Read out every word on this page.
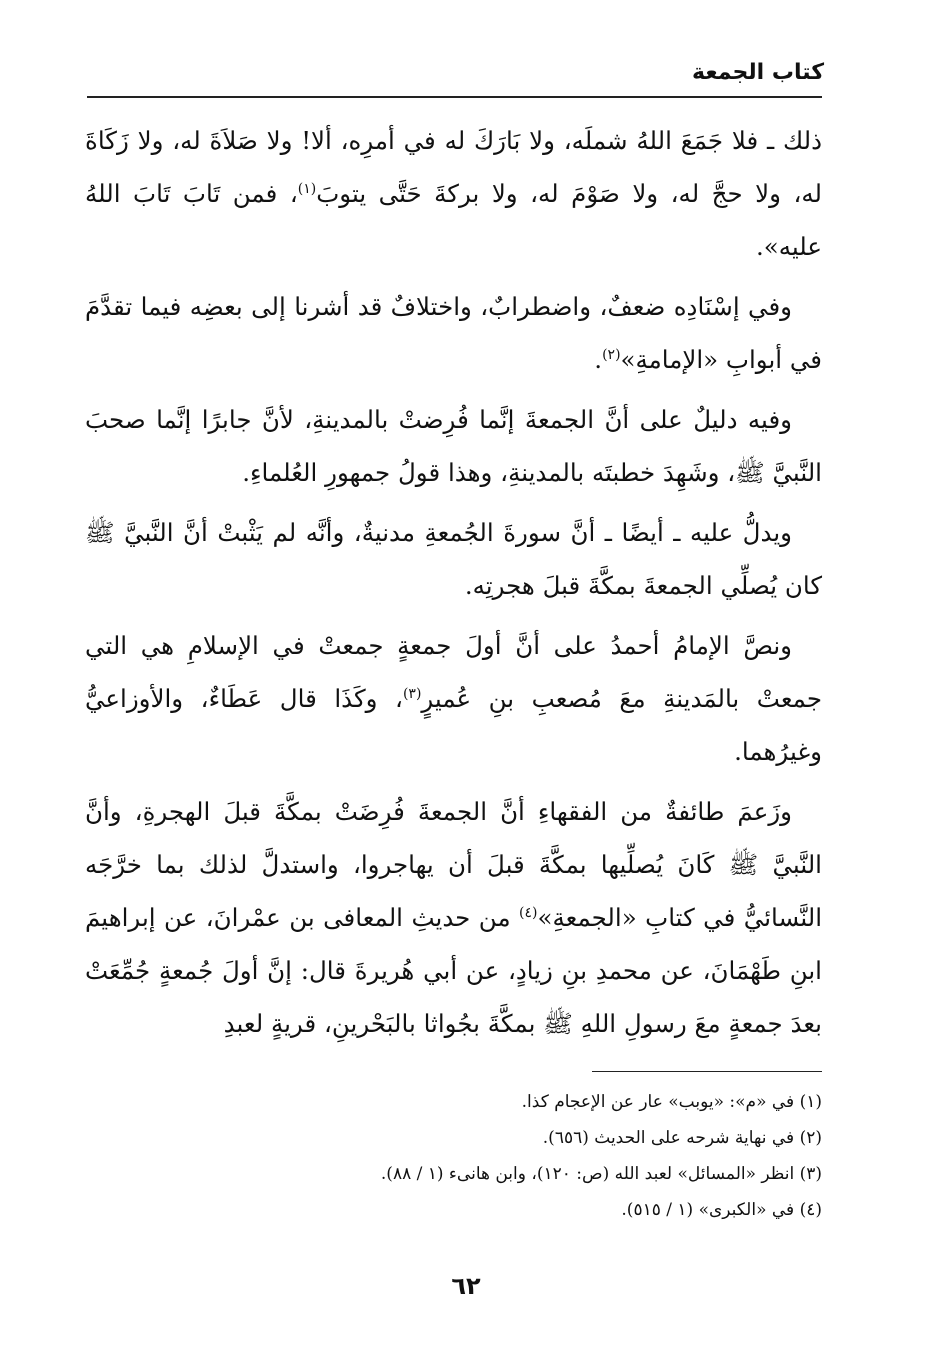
كتاب الجمعة

ذلك ـ فلا جَمَعَ اللهُ شملَه، ولا بَارَكَ له في أمرِه، ألا! ولا صَلاَةَ له، ولا زَكَاةَ له، ولا حجَّ له، ولا صَوْمَ له، ولا بركةَ حَتَّى يتوبَ$^{(١)}$، فمن تَابَ تَابَ اللهُ عليه».

وفي إسْنَادِه ضعفٌ، واضطرابٌ، واختلافٌ قد أشرنا إلى بعضِه فيما تقدَّمَ في أبوابِ «الإمامةِ»$^{(٢)}$.

وفيه دليلٌ على أنَّ الجمعةَ إنَّما فُرِضتْ بالمدينةِ، لأنَّ جابرًا إنَّما صحبَ النَّبيَّ ﷺ، وشَهِدَ خطبتَه بالمدينةِ، وهذا قولُ جمهورِ العُلماءِ.

ويدلُّ عليه ـ أيضًا ـ أنَّ سورةَ الجُمعةِ مدنيةٌ، وأنَّه لم يَثْبتْ أنَّ النَّبيَّ ﷺ كان يُصلِّي الجمعةَ بمكَّةَ قبلَ هجرتِه.

ونصَّ الإمامُ أحمدُ على أنَّ أولَ جمعةٍ جمعتْ في الإسلامِ هي التي جمعتْ بالمَدينةِ معَ مُصعبِ بنِ عُميرٍ$^{(٣)}$، وكَذَا قال عَطَاءٌ، والأوزاعيُّ وغيرُهما.

وزَعمَ طائفةٌ من الفقهاءِ أنَّ الجمعةَ فُرِضَتْ بمكَّةَ قبلَ الهجرةِ، وأنَّ النَّبيَّ ﷺ كَانَ يُصلِّيها بمكَّةَ قبلَ أن يهاجروا، واستدلَّ لذلك بما خرَّجَه النَّسائيُّ في كتابِ «الجمعةِ»$^{(٤)}$ من حديثِ المعافى بن عمْرانَ، عن إبراهيمَ ابنِ طَهْمَانَ، عن محمدِ بنِ زيادٍ، عن أبي هُريرةَ قال: إنَّ أولَ جُمعةٍ جُمِّعَتْ بعدَ جمعةٍ معَ رسولِ اللهِ ﷺ بمكَّةَ بجُواثا بالبَحْرينِ، قريةٍ لعبدِ

(١) في «م»: «يوبب» عار عن الإعجام كذا.

(٢) في نهاية شرحه على الحديث (٦٥٦).

(٣) انظر «المسائل» لعبد الله (ص: ١٢٠)، وابن هانىء (١ / ٨٨).

(٤) في «الكبرى» (١ / ٥١٥).

٦٢
